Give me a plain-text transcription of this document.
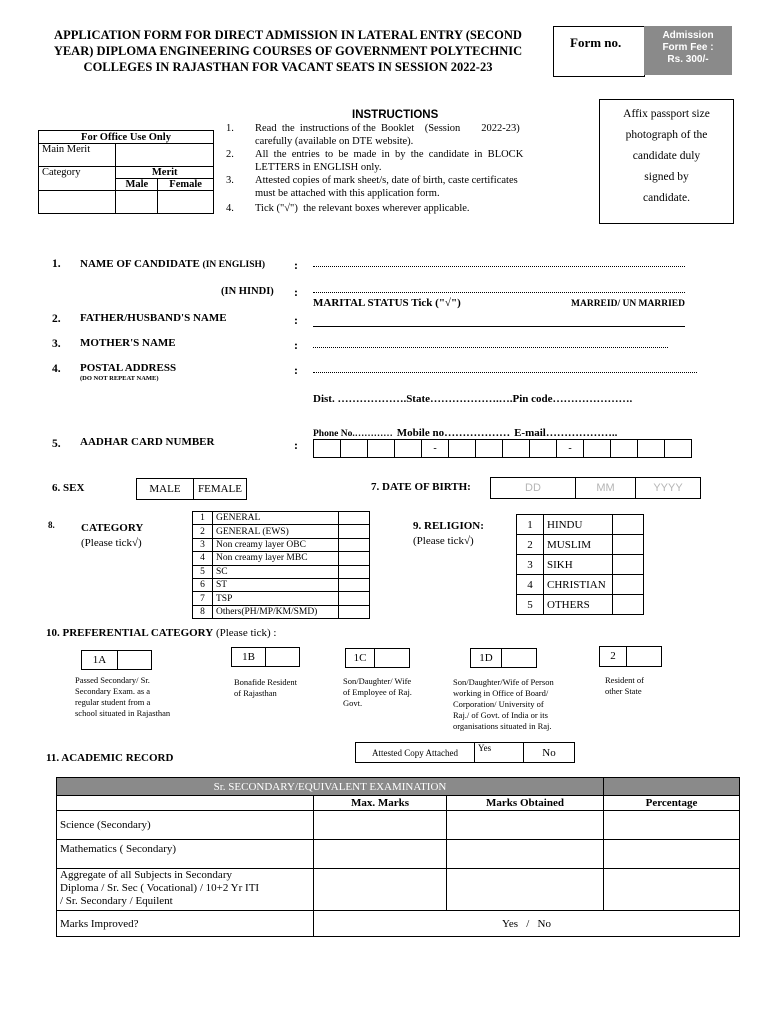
APPLICATION FORM FOR DIRECT ADMISSION IN LATERAL ENTRY (SECOND
YEAR) DIPLOMA ENGINEERING COURSES OF GOVERNMENT POLYTECHNIC
COLLEGES IN RAJASTHAN FOR VACANT SEATS IN SESSION 2022-23
Form no.	Admission
Form Fee :
Rs. 300/-
For Office Use Only		
Main Merit		
Category	Merit	
	Male	Female

INSTRUCTIONS
1.	Read  the  instructions of the  Booklet    (Session        2022-23)
carefully (available on DTE website).
2.	All  the  entries  to  be  made  in  by  the  candidate  in  BLOCK
LETTERS in ENGLISH only.
3.	Attested copies of mark sheet/s, date of birth, caste certificates
must be attached with this application form.
4.	Tick ("√")  the relevant boxes wherever applicable.
Affix passport size
photograph of the
candidate duly
signed by
candidate.
1. NAME OF CANDIDATE (IN ENGLISH) :
(IN HINDI) :
MARITAL STATUS Tick ("√")	MARREID/ UN MARRIED
2. FATHER/HUSBAND'S NAME	:
3. MOTHER'S NAME	:
4. POSTAL ADDRESS
(DO NOT REPEAT NAME)
:
Dist. ……………….State……………….….Pin code………………….
Phone No.………… Mobile no……………… E-mail………………..
5. AADHAR CARD NUMBER	:
					-					-				
6. SEX	MALE	FEMALE	7. DATE OF BIRTH:	DD	MM	YYYY
8. CATEGORY
(Please tick√)
1	GENERAL	
2	GENERAL (EWS)	
3	Non creamy layer OBC	
4	Non creamy layer MBC	
5	SC	
6	ST	
7	TSP	
8	Others(PH/MP/KM/SMD)	
9. RELIGION:
(Please tick√)
1	HINDU	
2	MUSLIM	
3	SIKH	
4	CHRISTIAN	
5	OTHERS	
10. PREFERENTIAL CATEGORY (Please tick) :
1A
Passed Secondary/ Sr.
Secondary Exam. as a
regular student from a
school situated in Rajasthan
1B
Bonafide Resident
of Rajasthan
1C
Son/Daughter/ Wife
of Employee of Raj.
Govt.
1D
Son/Daughter/Wife of Person
working in Office of Board/
Corporation/ University of
Raj./ of Govt. of India or its
organisations situated in Raj.
2
Resident of
other State
11. ACADEMIC RECORD	Attested Copy Attached	Yes	No
Sr. SECONDARY/EQUIVALENT EXAMINATION			
	Max. Marks	Marks Obtained	Percentage
Science (Secondary)			
Mathematics ( Secondary)			

Aggregate of all Subjects in Secondary
Diploma / Sr. Sec ( Vocational) / 10+2 Yr ITI
/ Sr. Secondary / Equilent			

Marks Improved?	Yes   /   No		
